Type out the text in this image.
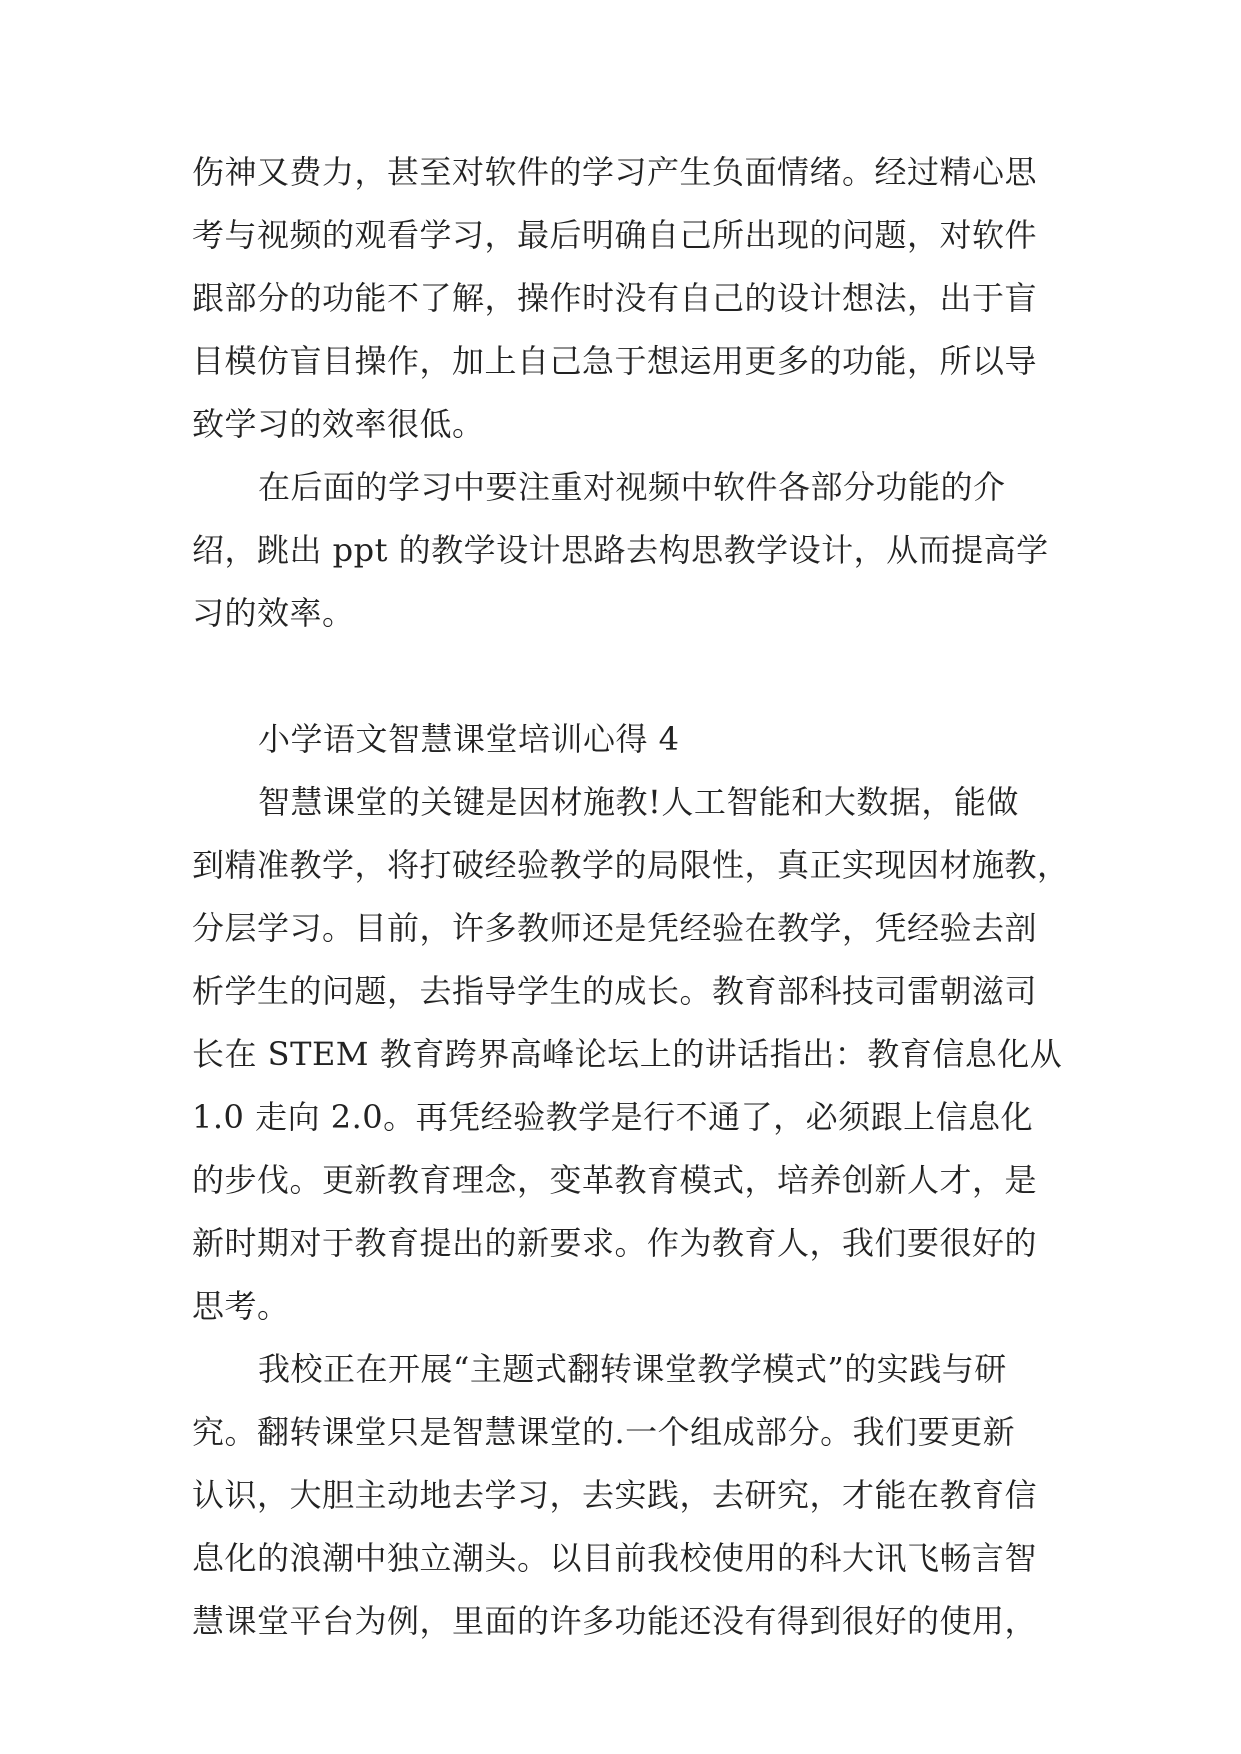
伤神又费力，甚至对软件的学习产生负面情绪。经过精心思
考与视频的观看学习，最后明确自己所出现的问题，对软件
跟部分的功能不了解，操作时没有自己的设计想法，出于盲
目模仿盲目操作，加上自己急于想运用更多的功能，所以导
致学习的效率很低。
在后面的学习中要注重对视频中软件各部分功能的介
绍，跳出 ppt 的教学设计思路去构思教学设计，从而提高学
习的效率。
小学语文智慧课堂培训心得 4
智慧课堂的关键是因材施教!人工智能和大数据，能做
到精准教学，将打破经验教学的局限性，真正实现因材施教，
分层学习。目前，许多教师还是凭经验在教学，凭经验去剖
析学生的问题，去指导学生的成长。教育部科技司雷朝滋司
长在 STEM 教育跨界高峰论坛上的讲话指出：教育信息化从
1.0 走向 2.0。再凭经验教学是行不通了，必须跟上信息化
的步伐。更新教育理念，变革教育模式，培养创新人才，是
新时期对于教育提出的新要求。作为教育人，我们要很好的
思考。
我校正在开展“主题式翻转课堂教学模式”的实践与研
究。翻转课堂只是智慧课堂的.一个组成部分。我们要更新
认识，大胆主动地去学习，去实践，去研究，才能在教育信
息化的浪潮中独立潮头。以目前我校使用的科大讯飞畅言智
慧课堂平台为例，里面的许多功能还没有得到很好的使用，
